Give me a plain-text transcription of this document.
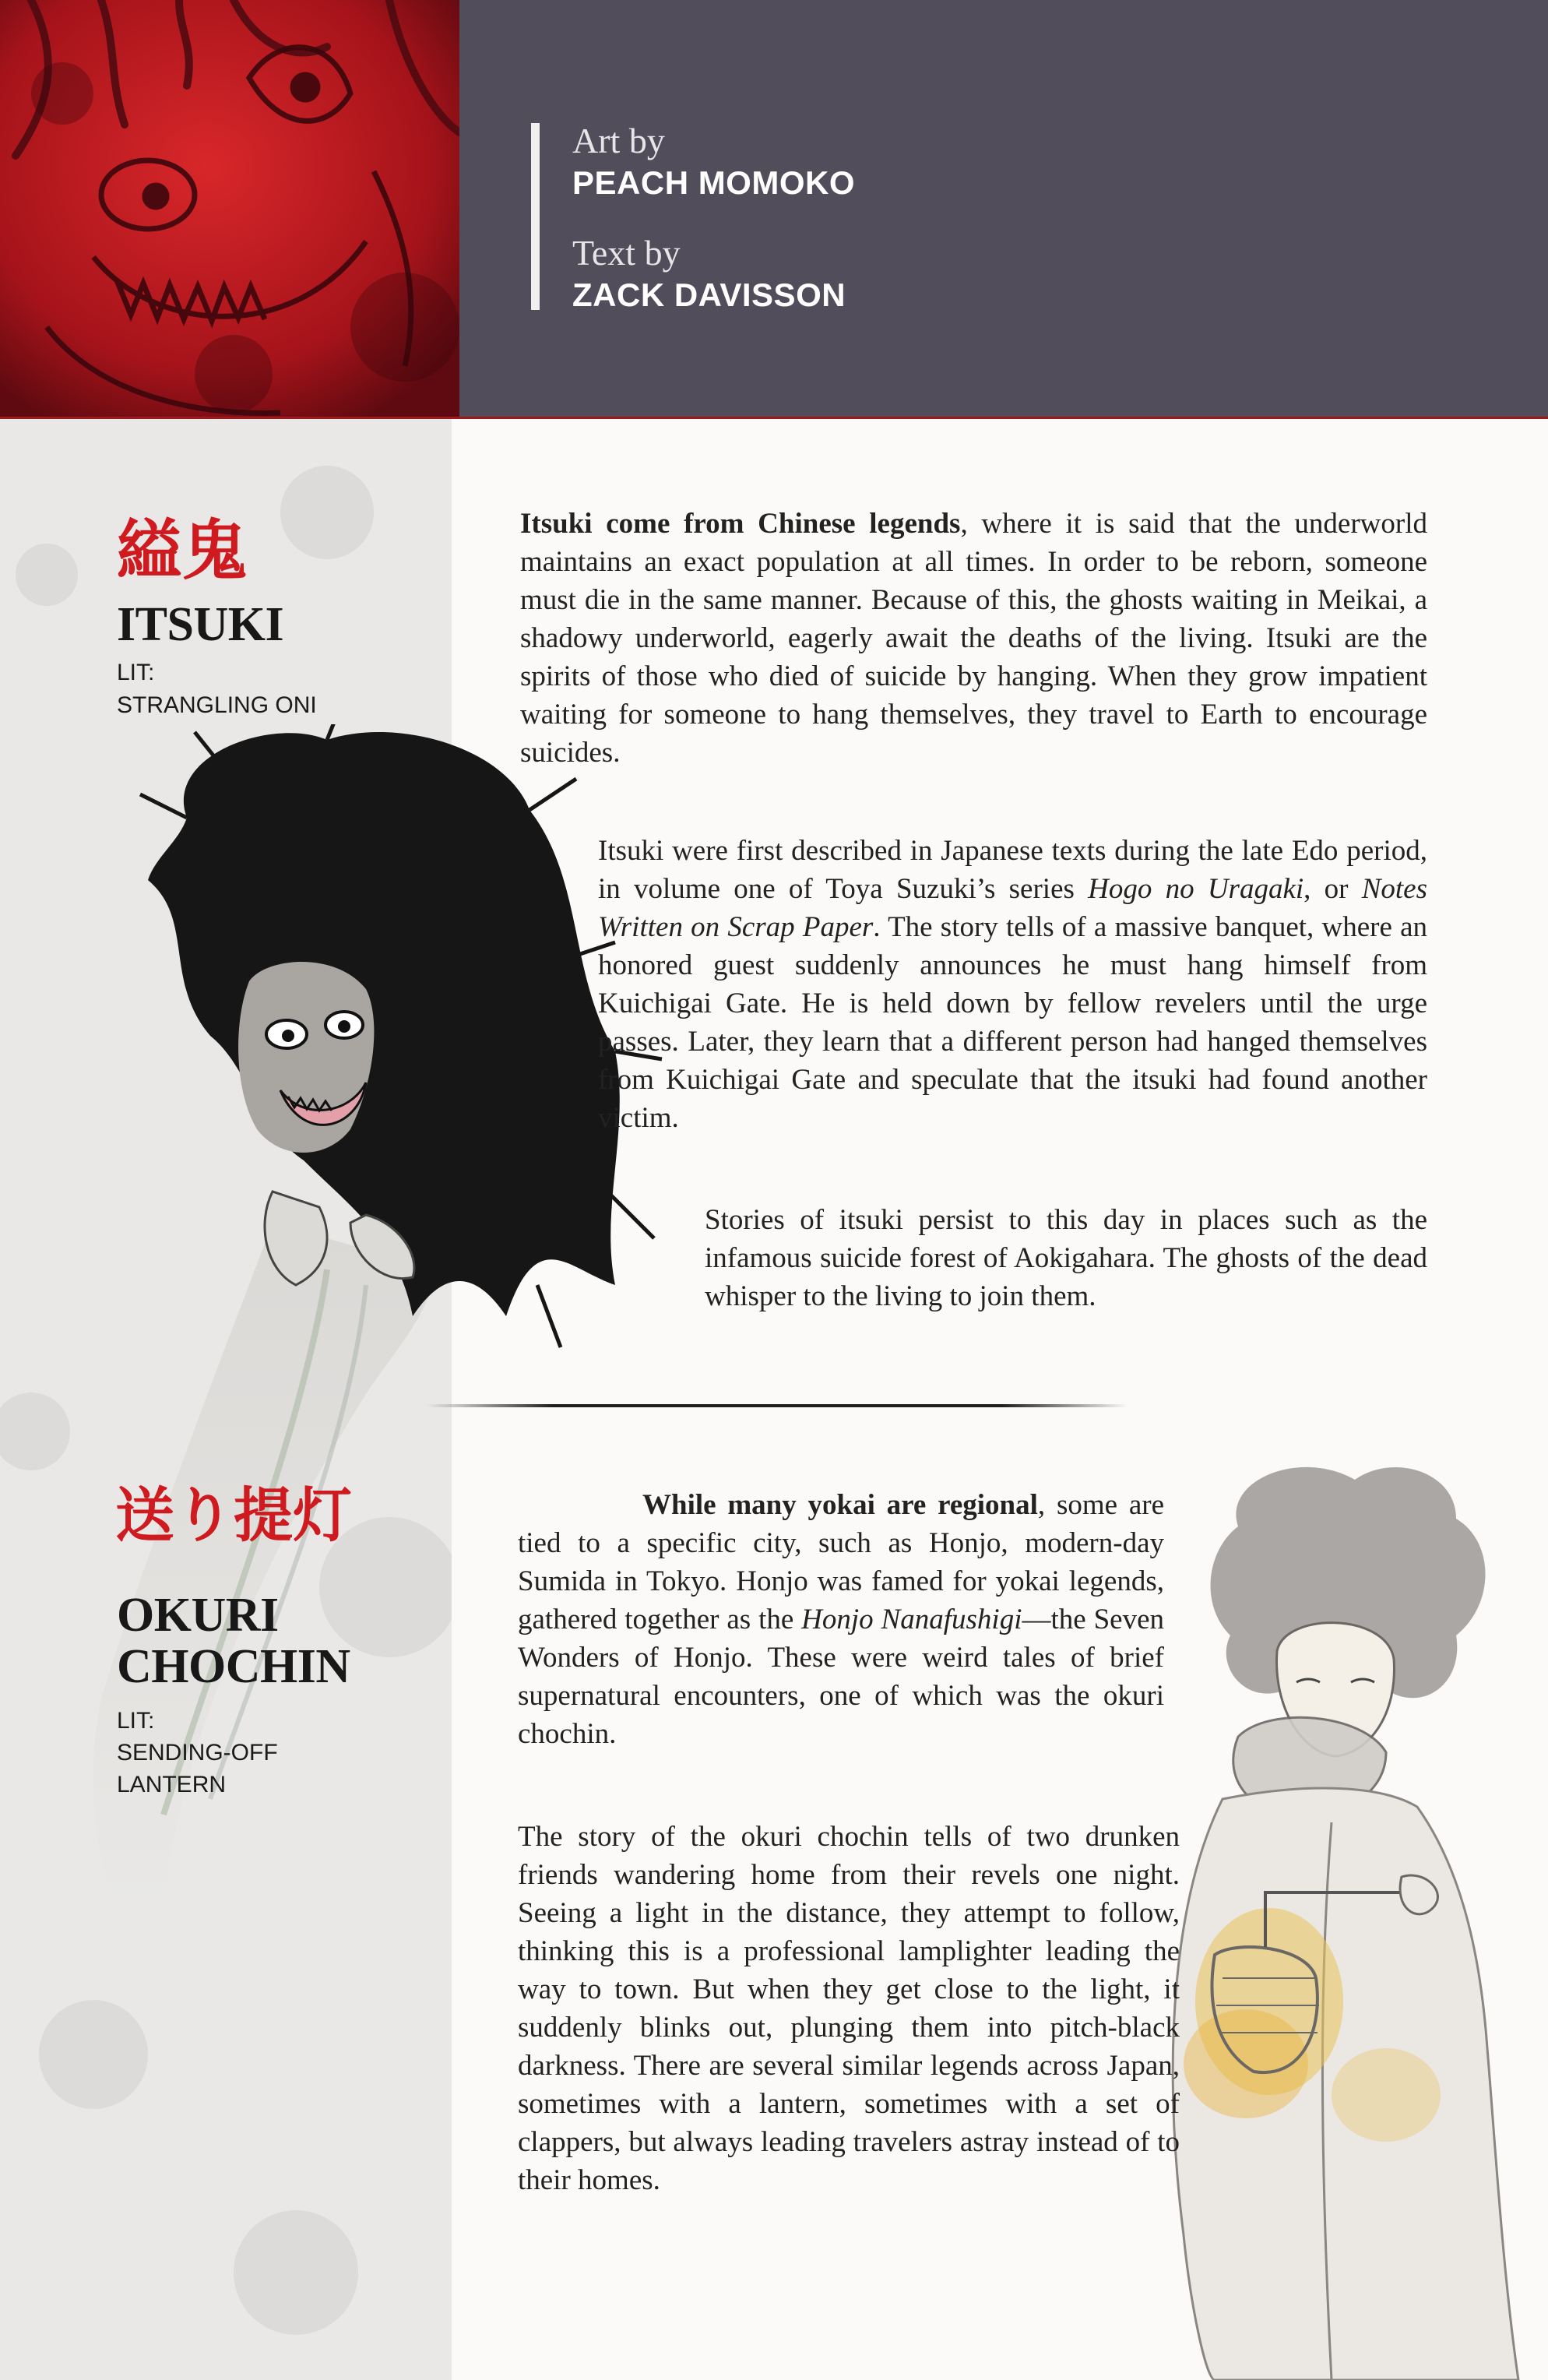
Art by
PEACH MOMOKO
Text by
ZACK DAVISSON
縊鬼
ITSUKI
LIT:
STRANGLING ONI

Itsuki come from Chinese legends, where it is said that the underworld maintains an exact population at all times. In order to be reborn, someone must die in the same manner. Because of this, the ghosts waiting in Meikai, a shadowy underworld, eagerly await the deaths of the living. Itsuki are the spirits of those who died of suicide by hanging. When they grow impatient waiting for someone to hang themselves, they travel to Earth to encourage suicides.

Itsuki were first described in Japanese texts during the late Edo period, in volume one of Toya Suzuki’s series Hogo no Uragaki, or Notes Written on Scrap Paper. The story tells of a massive banquet, where an honored guest suddenly announces he must hang himself from Kuichigai Gate. He is held down by fellow revelers until the urge passes. Later, they learn that a different person had hanged themselves from Kuichigai Gate and speculate that the itsuki had found another victim.

Stories of itsuki persist to this day in places such as the infamous suicide forest of Aokigahara. The ghosts of the dead whisper to the living to join them.

送り提灯
OKURI
CHOCHIN
LIT:
SENDING-OFF
LANTERN

While many yokai are regional, some are tied to a specific city, such as Honjo, modern-day Sumida in Tokyo. Honjo was famed for yokai legends, gathered together as the Honjo Nanafushigi—the Seven Wonders of Honjo. These were weird tales of brief supernatural encounters, one of which was the okuri chochin.

The story of the okuri chochin tells of two drunken friends wandering home from their revels one night. Seeing a light in the distance, they attempt to follow, thinking this is a professional lamplighter leading the way to town. But when they get close to the light, it suddenly blinks out, plunging them into pitch-black darkness. There are several similar legends across Japan, sometimes with a lantern, sometimes with a set of clappers, but always leading travelers astray instead of to their homes.
